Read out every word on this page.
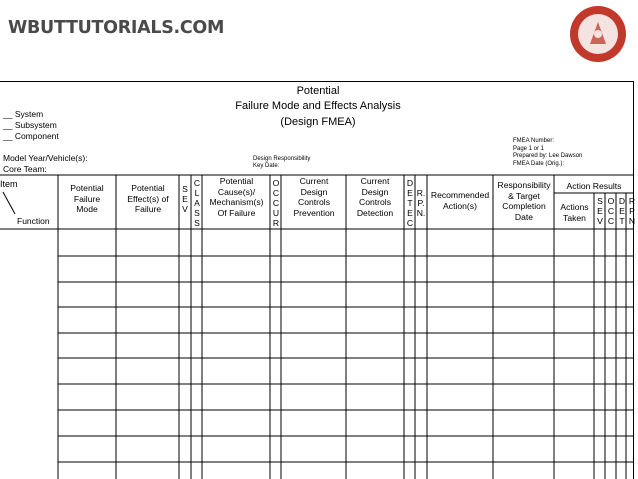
WBUTTUTORIALS.COM
Potential
Failure Mode and Effects Analysis
(Design FMEA)
__ System
__ Subsystem
__ Component
Model Year/Vehicle(s):
Core Team:
Design Responsibility
Key Date:
FMEA Number:
Page 1 or 1
Prepared by: Lee Dawson
FMEA Date (Orig.):
Item
Function
Potential
Failure
Mode
Potential
Effect(s) of
Failure
S
E
V
C
L
A
S
S
Potential
Cause(s)/
Mechanism(s)
Of Failure
O
C
C
U
R
Current
Design
Controls
Prevention
Current
Design
Controls
Detection
D
E
T
E
C
R.
P.
N.
Recommended
Action(s)
Responsibility
& Target
Completion
Date
Action Results
Actions
Taken
S
E
V
O
C
C
D
E
T
R
P
N
